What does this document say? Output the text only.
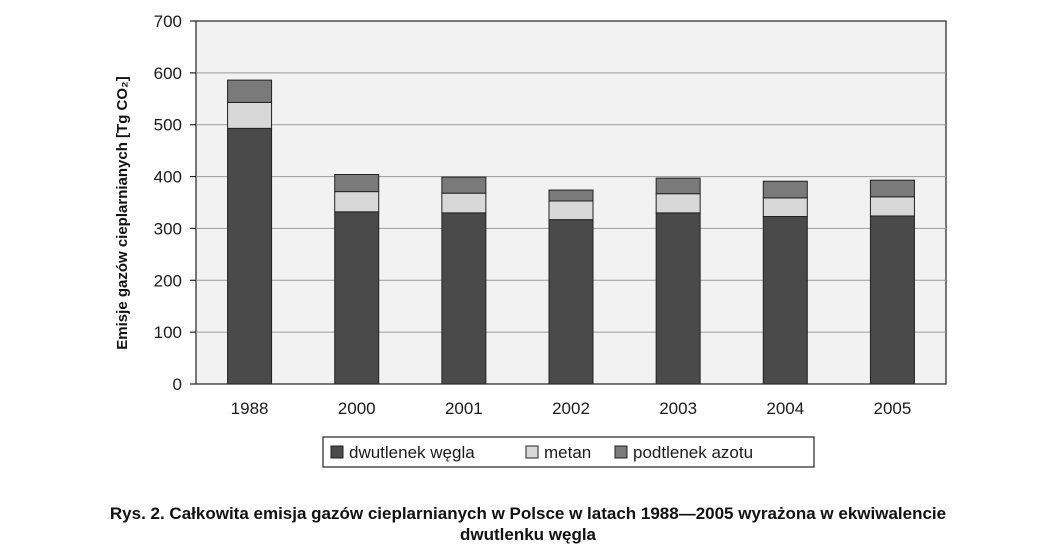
0
100
200
300
400
500
600
700
1988	2000	2001	2002	2003	2004	2005
Emisje gazów cieplarnianych [Tg CO₂]
dwutlenek węgla	metan podtlenek azotu
Rys. 2. Całkowita emisja gazów cieplarnianych w Polsce w latach 1988—2005 wyrażona w ekwiwalencie
dwutlenku węgla
